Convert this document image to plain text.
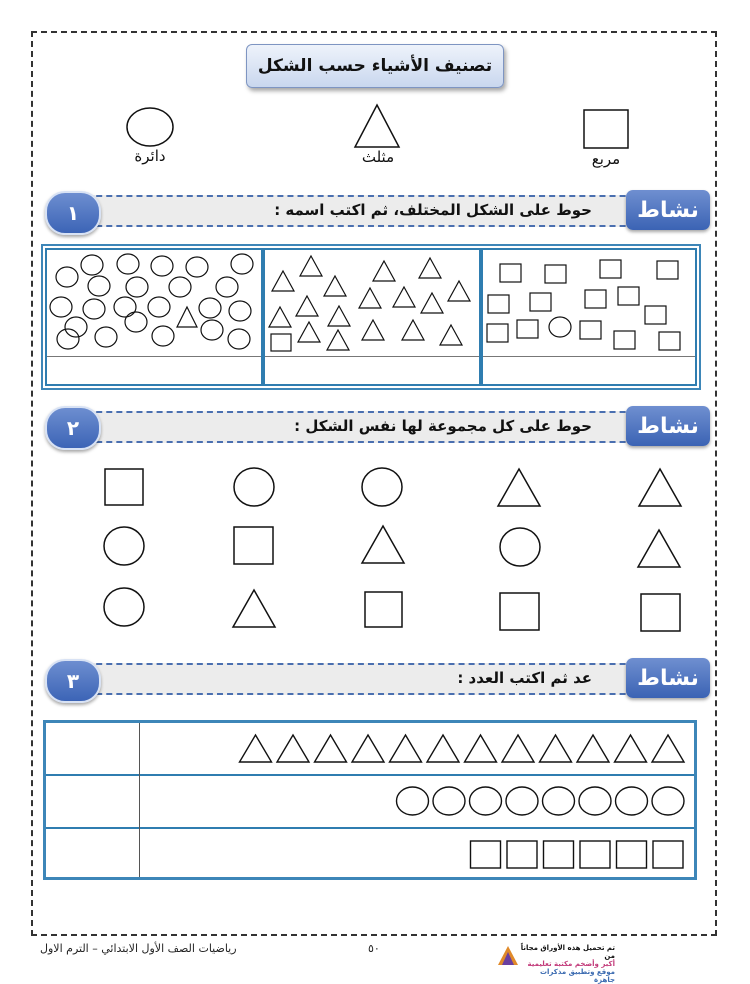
تصنيف الأشياء حسب الشكل
دائرة	مثلث	مربع
حوط على الشكل المختلف، ثم اكتب اسمه :	نشاط
١
حوط على كل مجموعة لها نفس الشكل :	نشاط
٢
عد ثم اكتب العدد :	نشاط
٣
رياضيات الصف الأول الابتدائي – الترم الاول	٥٠	تم تحميل هذه الأوراق مجاناً من
أكبر وأضخم مكتبة تعليمية
موقع وتطبيق مذكرات جاهزة
